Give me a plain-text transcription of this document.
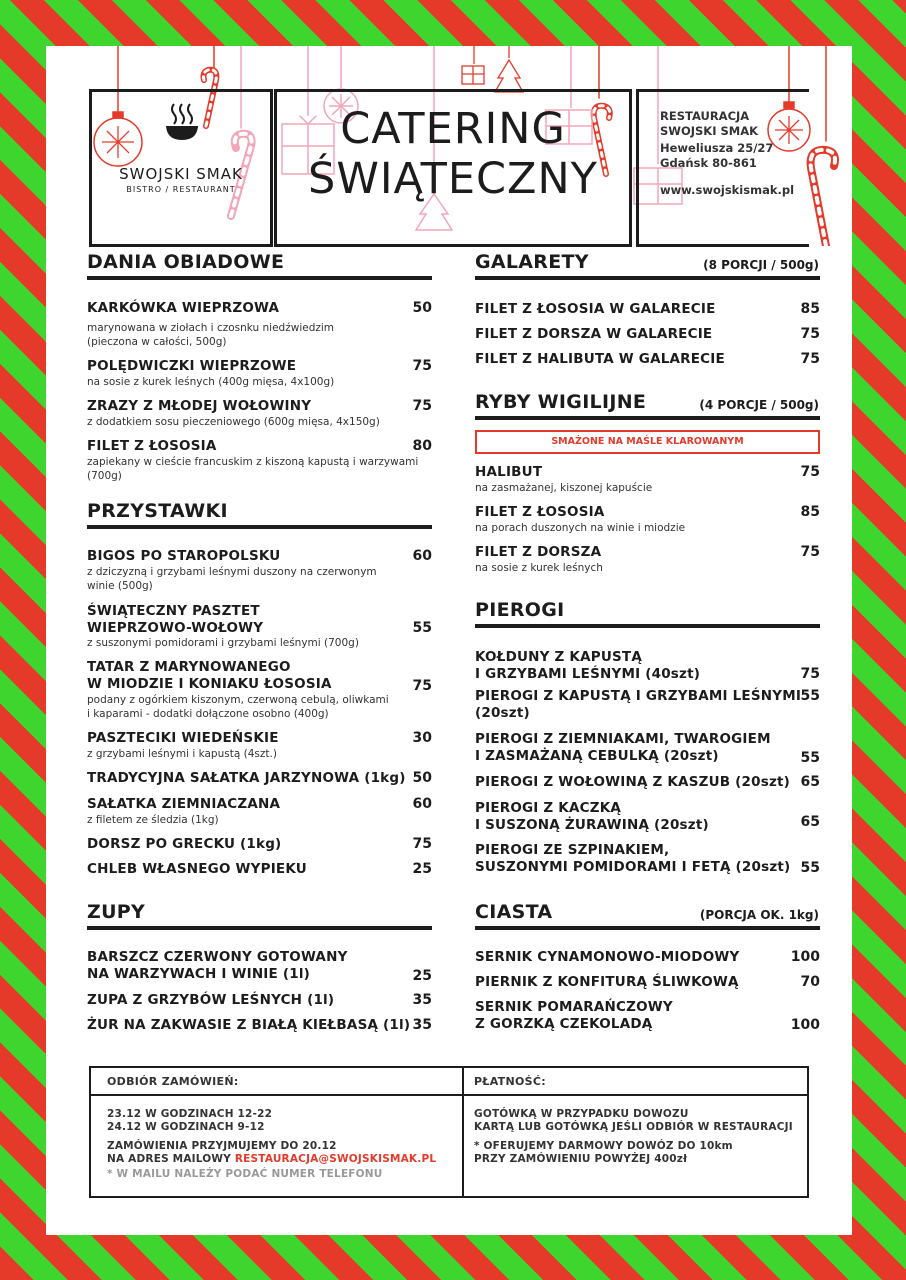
SWOJSKI SMAK
BISTRO / RESTAURANT
CATERING
ŚWIĄTECZNY
RESTAURACJA
SWOJSKI SMAK
Heweliusza 25/27
Gdańsk 80-861
www.swojskismak.pl
DANIA OBIADOWE
KARKÓWKA WIEPRZOWA	50
marynowana w ziołach i czosnku niedźwiedzim (pieczona w całości, 500g)
POLĘDWICZKI WIEPRZOWE	75
na sosie z kurek leśnych (400g mięsa, 4x100g)
ZRAZY Z MŁODEJ WOŁOWINY	75
z dodatkiem sosu pieczeniowego (600g mięsa, 4x150g)
FILET Z ŁOSOSIA	80
zapiekany w cieście francuskim z kiszoną kapustą i warzywami (700g)
PRZYSTAWKI
BIGOS PO STAROPOLSKU	60
z dziczyzną i grzybami leśnymi duszony na czerwonym winie (500g)
ŚWIĄTECZNY PASZTET
WIEPRZOWO-WOŁOWY	55
z suszonymi pomidorami i grzybami leśnymi (700g)
TATAR Z MARYNOWANEGO
W MIODZIE I KONIAKU ŁOSOSIA	75
podany z ogórkiem kiszonym, czerwoną cebulą, oliwkami
i kaparami - dodatki dołączone osobno (400g)
PASZTECIKI WIEDEŃSKIE	30
z grzybami leśnymi i kapustą (4szt.)
TRADYCYJNA SAŁATKA JARZYNOWA (1kg) 50
SAŁATKA ZIEMNIACZANA	60
z filetem ze śledzia (1kg)
DORSZ PO GRECKU (1kg)	75
CHLEB WŁASNEGO WYPIEKU	25
ZUPY
BARSZCZ CZERWONY GOTOWANY
NA WARZYWACH I WINIE (1l)	25
ZUPA Z GRZYBÓW LEŚNYCH (1l)	35
ŻUR NA ZAKWASIE Z BIAŁĄ KIEŁBASĄ (1l) 35
GALARETY	(8 PORCJI / 500g)
FILET Z ŁOSOSIA W GALARECIE	85
FILET Z DORSZA W GALARECIE	75
FILET Z HALIBUTA W GALARECIE	75
RYBY WIGILIJNE	(4 PORCJE / 500g)
SMAŻONE NA MAŚLE KLAROWANYM
HALIBUT	75
na zasmażanej, kiszonej kapuście
FILET Z ŁOSOSIA	85
na porach duszonych na winie i miodzie
FILET Z DORSZA	75
na sosie z kurek leśnych
PIEROGI
KOŁDUNY Z KAPUSTĄ
I GRZYBAMI LEŚNYMI (40szt)	75
PIEROGI Z KAPUSTĄ I GRZYBAMI LEŚNYMI 55
(20szt)
PIEROGI Z ZIEMNIAKAMI, TWAROGIEM
I ZASMAŻANĄ CEBULKĄ (20szt)	55
PIEROGI Z WOŁOWINĄ Z KASZUB (20szt) 65
PIEROGI Z KACZKĄ
I SUSZONĄ ŻURAWINĄ (20szt)	65
PIEROGI ZE SZPINAKIEM,
SUSZONYMI POMIDORAMI I FETĄ (20szt) 55
CIASTA	(PORCJA OK. 1kg)
SERNIK CYNAMONOWO-MIODOWY	100
PIERNIK Z KONFITURĄ ŚLIWKOWĄ	70
SERNIK POMARAŃCZOWY
Z GORZKĄ CZEKOLADĄ	100
ODBIÓR ZAMÓWIEŃ:
23.12 W GODZINACH 12-22
24.12 W GODZINACH 9-12
ZAMÓWIENIA PRZYJMUJEMY DO 20.12
NA ADRES MAILOWY RESTAURACJA@SWOJSKISMAK.PL
* W MAILU NALEŻY PODAĆ NUMER TELEFONU
PŁATNOŚĆ:
GOTÓWKĄ W PRZYPADKU DOWOZU
KARTĄ LUB GOTÓWKĄ JEŚLI ODBIÓR W RESTAURACJI
* OFERUJEMY DARMOWY DOWÓZ DO 10km
PRZY ZAMÓWIENIU POWYŻEJ 400zł
